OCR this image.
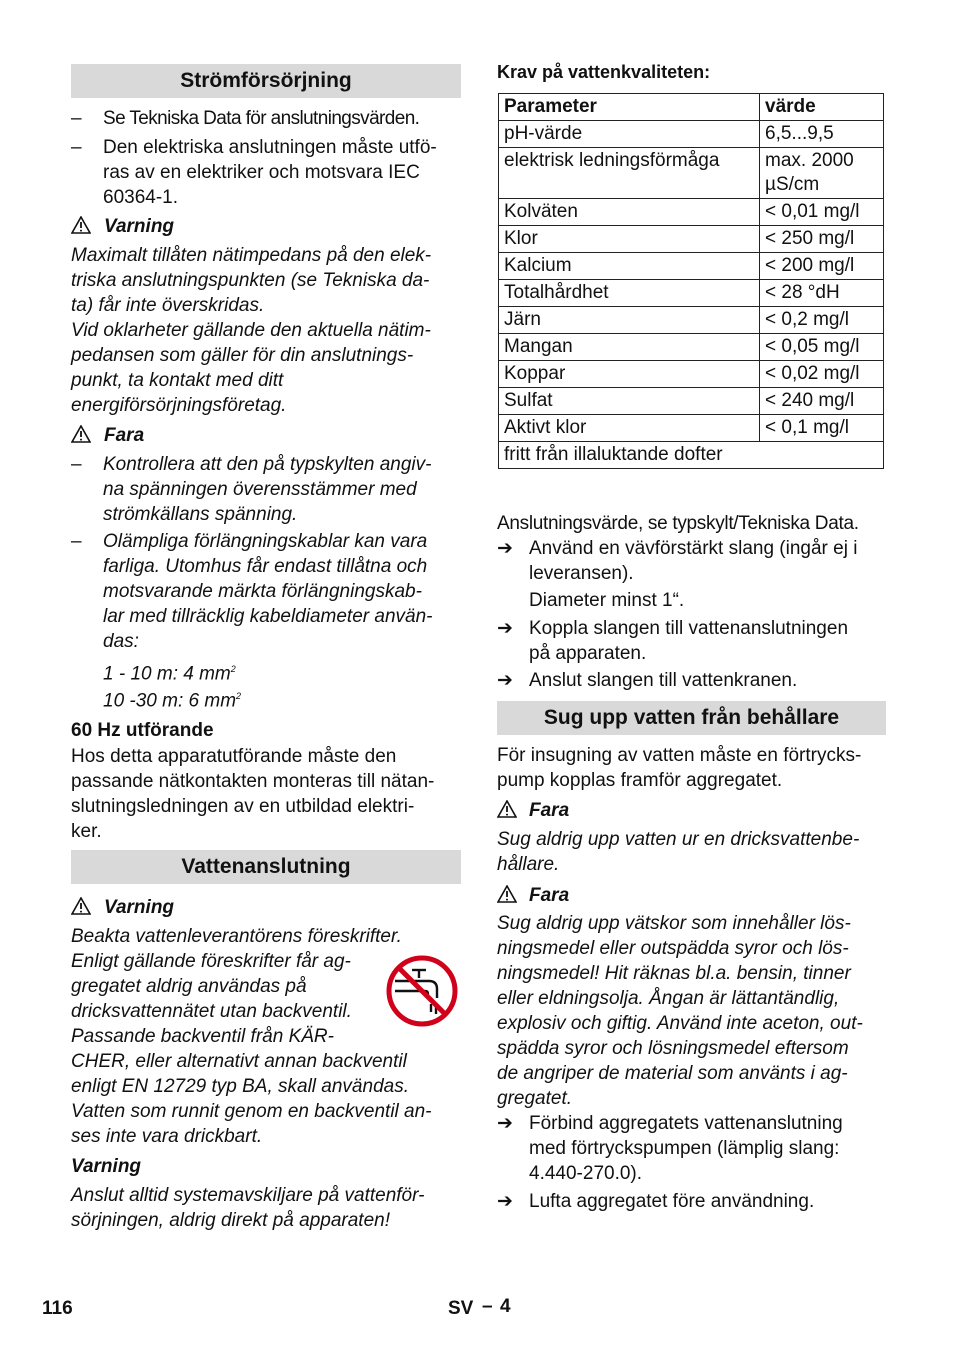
Strömförsörjning
– Se Tekniska Data för anslutningsvärden.
– Den elektriska anslutningen måste utfö-
ras av en elektriker och motsvara IEC
60364-1.
Varning
Maximalt tillåten nätimpedans på den elek-
triska anslutningspunkten (se Tekniska da-
ta) får inte överskridas.
Vid oklarheter gällande den aktuella nätim-
pedansen som gäller för din anslutnings-
punkt, ta kontakt med ditt
energiförsörjningsföretag.
Fara
– Kontrollera att den på typskylten angiv-
na spänningen överensstämmer med
strömkällans spänning.
– Olämpliga förlängningskablar kan vara
farliga. Utomhus får endast tillåtna och
motsvarande märkta förlängningskab-
lar med tillräcklig kabeldiameter använ-
das:
1 - 10 m: 4 $mm^2$
10 -30 m: 6 $mm^2$
60 Hz utförande
Hos detta apparatutförande måste den
passande nätkontakten monteras till nätan-
slutningsledningen av en utbildad elektri-
ker.
Vattenanslutning
Varning
Beakta vattenleverantörens föreskrifter.
Enligt gällande föreskrifter får ag-
gregatet aldrig användas på
dricksvattennätet utan backventil.
Passande backventil från KÄR-
CHER, eller alternativt annan backventil
enligt EN 12729 typ BA, skall användas.
Vatten som runnit genom en backventil an-
ses inte vara drickbart.
Varning
Anslut alltid systemavskiljare på vattenför-
sörjningen, aldrig direkt på apparaten!
Krav på vattenkvaliteten:
Parameter	värde
pH-värde	6,5...9,5
elektrisk ledningsförmåga	max. 2000 µS/cm
Kolväten	< 0,01 mg/l
Klor	< 250 mg/l
Kalcium	< 200 mg/l
Totalhårdhet	< 28 °dH
Järn	< 0,2 mg/l
Mangan	< 0,05 mg/l
Koppar	< 0,02 mg/l
Sulfat	< 240 mg/l
Aktivt klor	< 0,1 mg/l
fritt från illaluktande dofter	
Anslutningsvärde, se typskylt/Tekniska Data.
➔ Använd en vävförstärkt slang (ingår ej i
leveransen).
Diameter minst 1“.
➔ Koppla slangen till vattenanslutningen
på apparaten.
➔ Anslut slangen till vattenkranen.
Sug upp vatten från behållare
För insugning av vatten måste en förtrycks-
pump kopplas framför aggregatet.
Fara
Sug aldrig upp vatten ur en dricksvattenbe-
hållare.
Fara
Sug aldrig upp vätskor som innehåller lös-
ningsmedel eller outspädda syror och lös-
ningsmedel! Hit räknas bl.a. bensin, tinner
eller eldningsolja. Ångan är lättantändlig,
explosiv och giftig. Använd inte aceton, out-
spädda syror och lösningsmedel eftersom
de angriper de material som använts i ag-
gregatet.
➔ Förbind aggregatets vattenanslutning
med förtryckspumpen (lämplig slang:
4.440-270.0).
➔ Lufta aggregatet före användning.
116	SV – 4
